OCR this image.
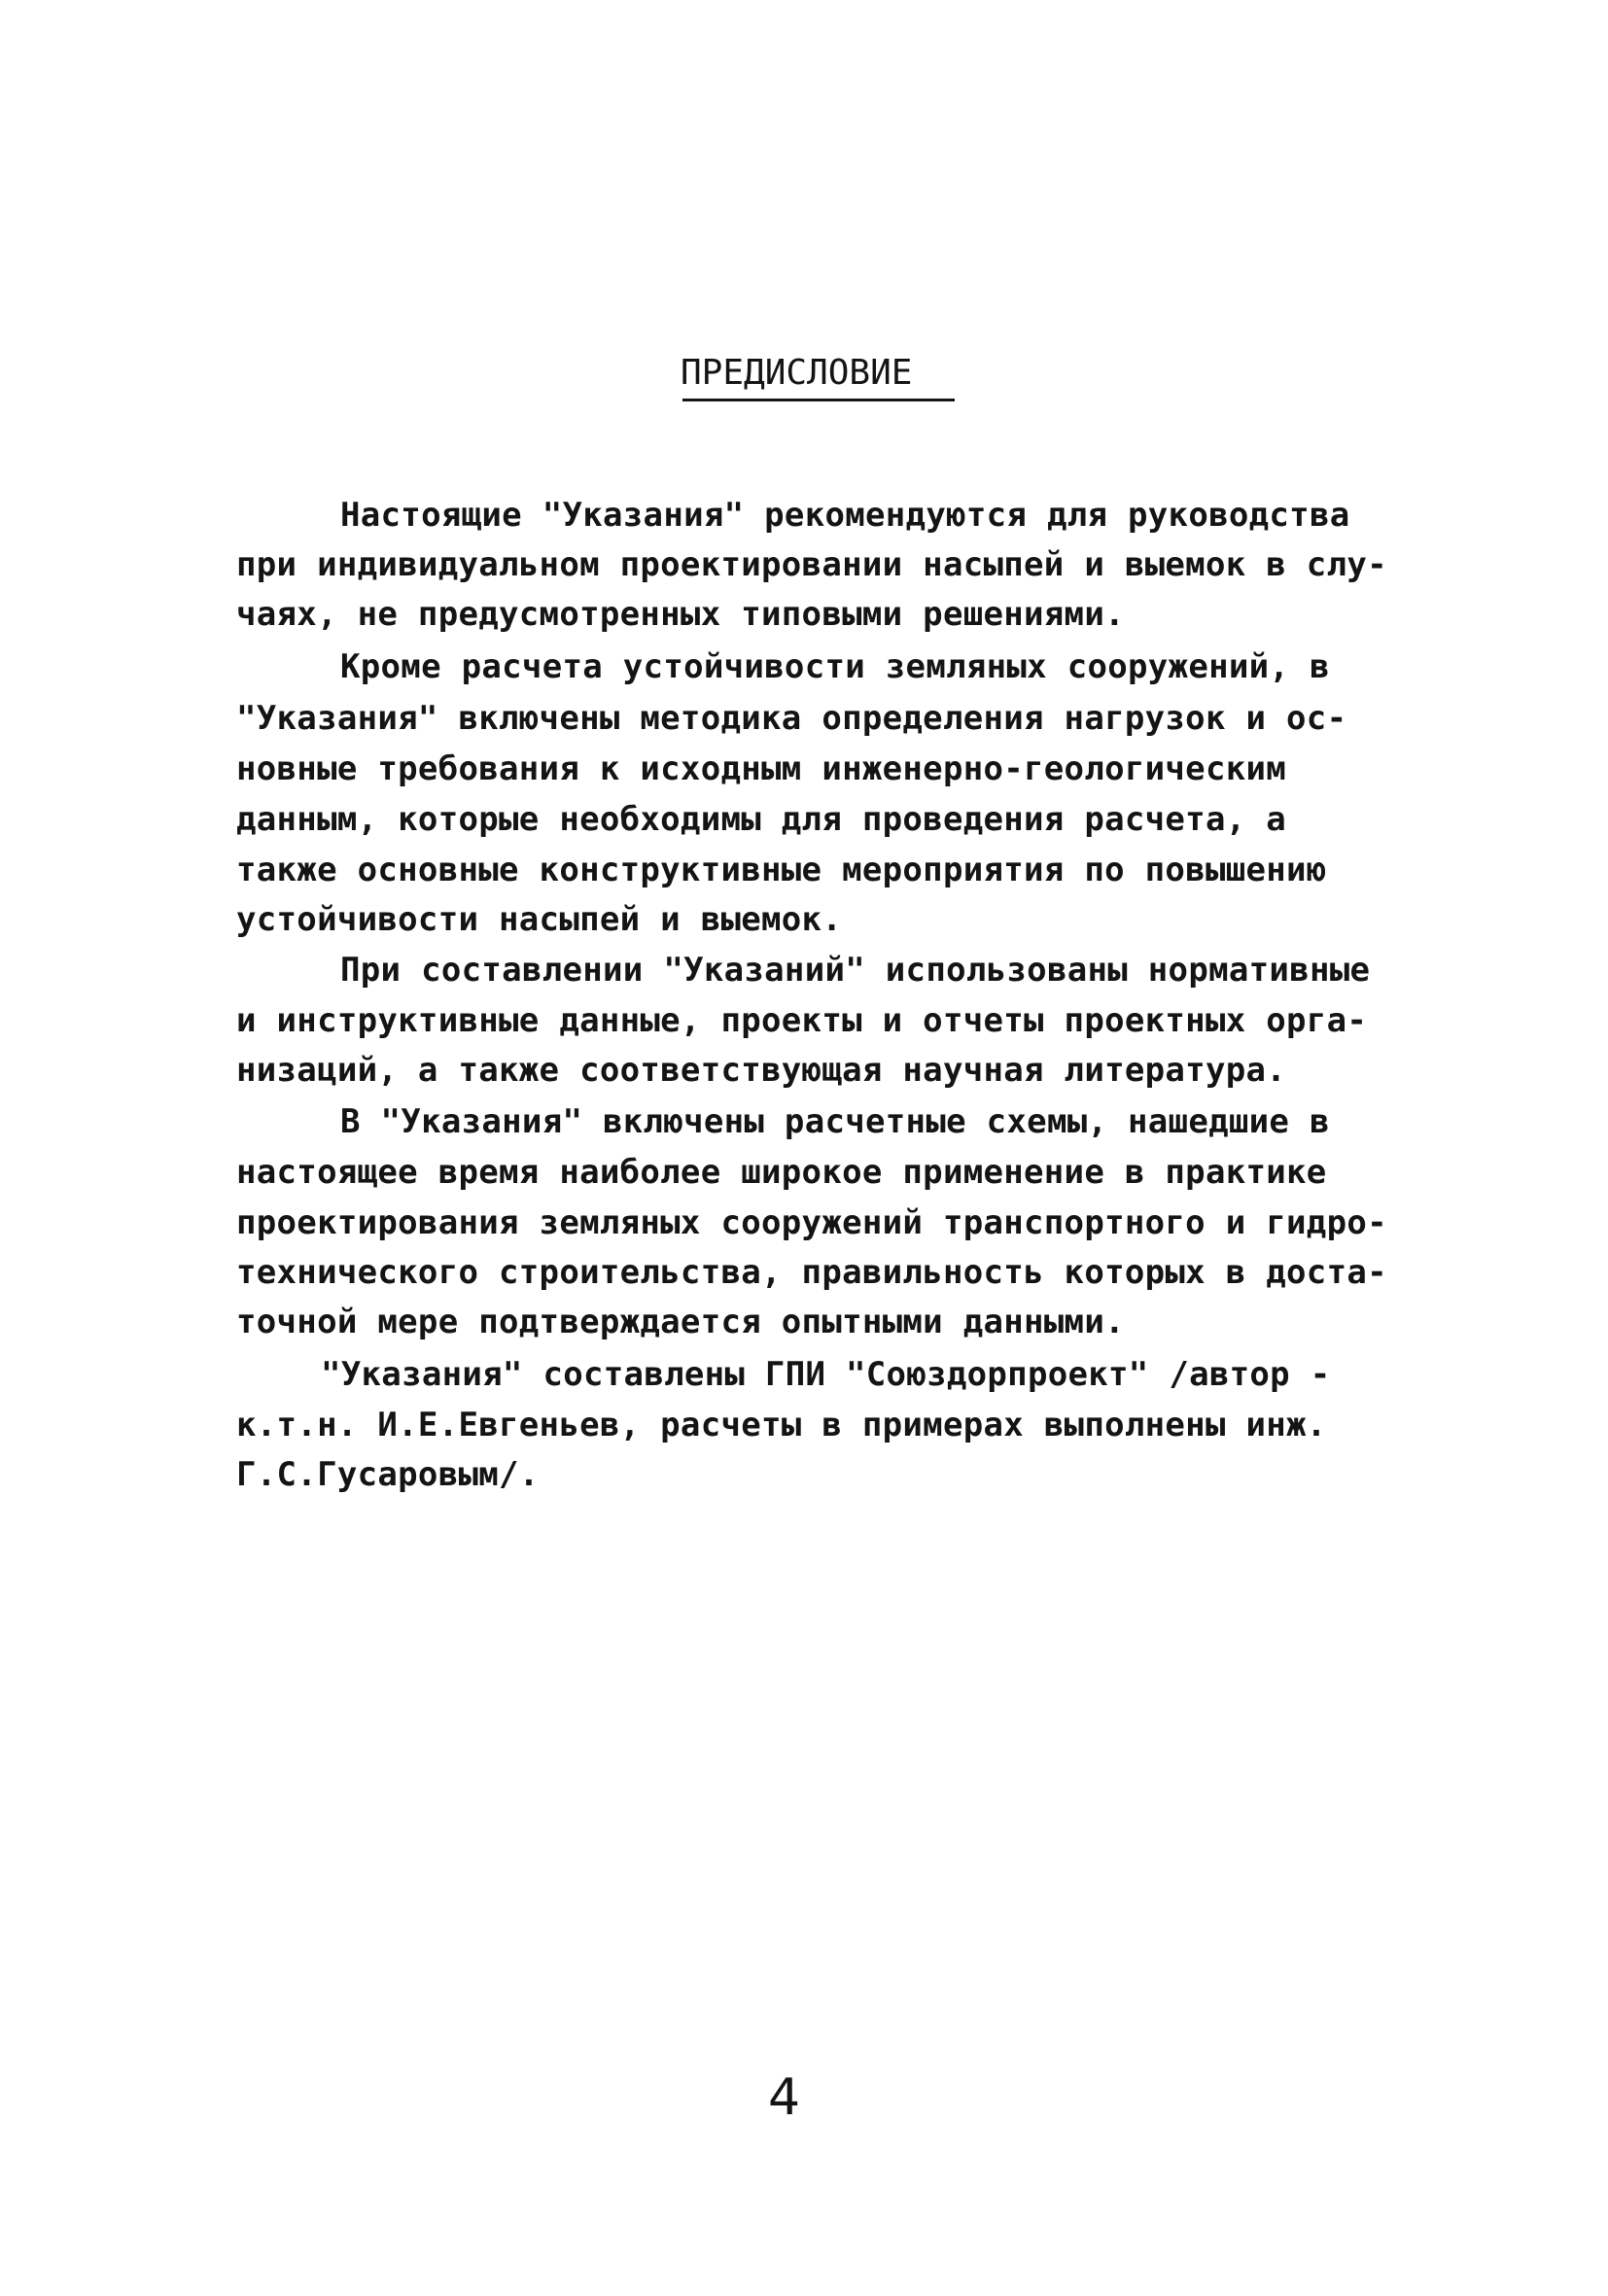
ПРЕДИСЛОВИЕ
Настоящие "Указания" рекомендуются для руководства
при индивидуальном проектировании насыпей и выемок в слу-
чаях, не предусмотренных типовыми решениями.
Кроме расчета устойчивости земляных сооружений, в
"Указания" включены методика определения нагрузок и ос-
новные требования к исходным инженерно-геологическим
данным, которые необходимы для проведения расчета, а
также основные конструктивные мероприятия по повышению
устойчивости насыпей и выемок.
При составлении "Указаний" использованы нормативные
и инструктивные данные, проекты и отчеты проектных орга-
низаций, а также соответствующая научная литература.
В "Указания" включены расчетные схемы, нашедшие в
настоящее время наиболее широкое применение в практике
проектирования земляных сооружений транспортного и гидро-
технического строительства, правильность которых в доста-
точной мере подтверждается опытными данными.
"Указания" составлены ГПИ "Союздорпроект" /автор -
к.т.н. И.Е.Евгеньев, расчеты в примерах выполнены инж.
Г.С.Гусаровым/.
4
